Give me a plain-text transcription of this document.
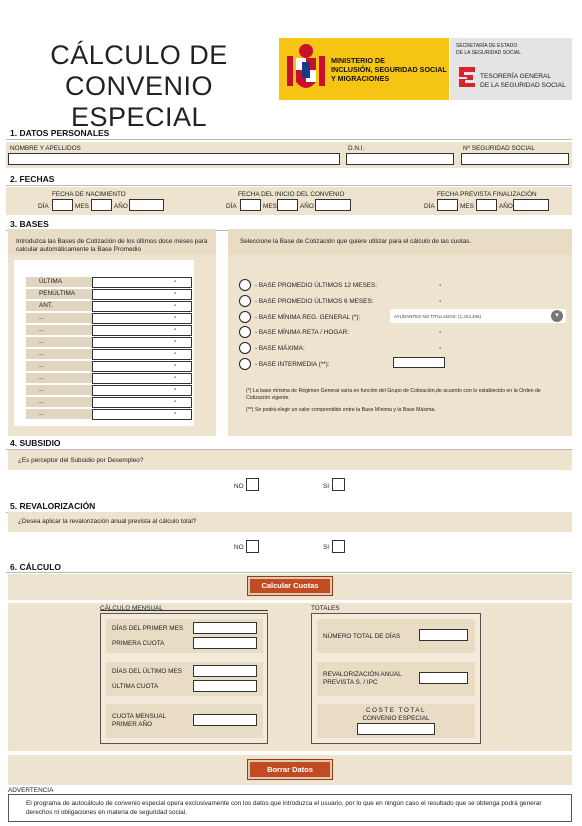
CÁLCULO DE
CONVENIO ESPECIAL
MINISTERIO DE
INCLUSIÓN, SEGURIDAD SOCIAL
Y MIGRACIONES
SECRETARÍA DE ESTADO
DE LA SEGURIDAD SOCIAL
TESORERÍA GENERAL
DE LA SEGURIDAD SOCIAL
1. DATOS PERSONALES
NOMBRE Y APELLIDOS	D.N.I.	Nº SEGURIDAD SOCIAL
2. FECHAS
FECHA DE NACIMIENTO
DÍA	MES	AÑO
FECHA DEL INICIO DEL CONVENIO
DÍA	MES	AÑO
FECHA PREVISTA FINALIZACIÓN
DÍA	MES	AÑO
3. BASES
Introduzca las Bases de Cotización de los últimos doce meses para calcular automáticamente la Base Promedio
Seleccione la Base de Cotización que quiere utilizar para el cálculo de las cuotas.
ÚLTIMA	▪
PENÚLTIMA	▪
ANT.	▪
...	▪
...	▪
...	▪
...	▪
...	▪
...	▪
...	▪
...	▪
...	▪
- BASE PROMEDIO ÚLTIMOS 12 MESES:	▪
- BASE PROMEDIO ÚLTIMOS 6 MESES:	▪
- BASE MÍNIMA REG. GENERAL (*):	AYUDANTES NO TITULADOS: (1.424,40€)	▾
- BASE MÍNIMA RETA / HOGAR:	▪
- BASE MÁXIMA:	▪
- BASE INTERMEDIA (**):
(*) La base mínima de Régimen General varía en función del Grupo de Cotización,de acuerdo con lo establecido en la Orden de Cotización vigente.
(**) Se podrá elegir un valor comprendido entre la Base Mínima y la Base Máxima.
4. SUBSIDIO
¿Es perceptor del Subsidio por Desempleo?
NO	SI
5. REVALORIZACIÓN
¿Desea aplicar la revalorización anual prevista al cálculo total?
NO	SI
6. CÁLCULO
Calcular Cuotas
CÁLCULO MENSUAL	TOTALES
DÍAS DEL PRIMER MES
PRIMERA CUOTA
DÍAS DEL ÚLTIMO MES
ÚLTIMA CUOTA
CUOTA MENSUAL
PRIMER AÑO
NÚMERO TOTAL DE DÍAS
REVALORIZACIÓN ANUAL
PREVISTA S. / IPC
COSTE TOTAL
CONVENIO ESPECIAL
Borrar Datos
ADVERTENCIA
El programa de autocálculo de convenio especial opera exclusivamente con los datos que introduzca el usuario, por lo que en ningún caso el resultado que se obtenga podrá generar derechos ni obligaciones en materia de seguridad social.
